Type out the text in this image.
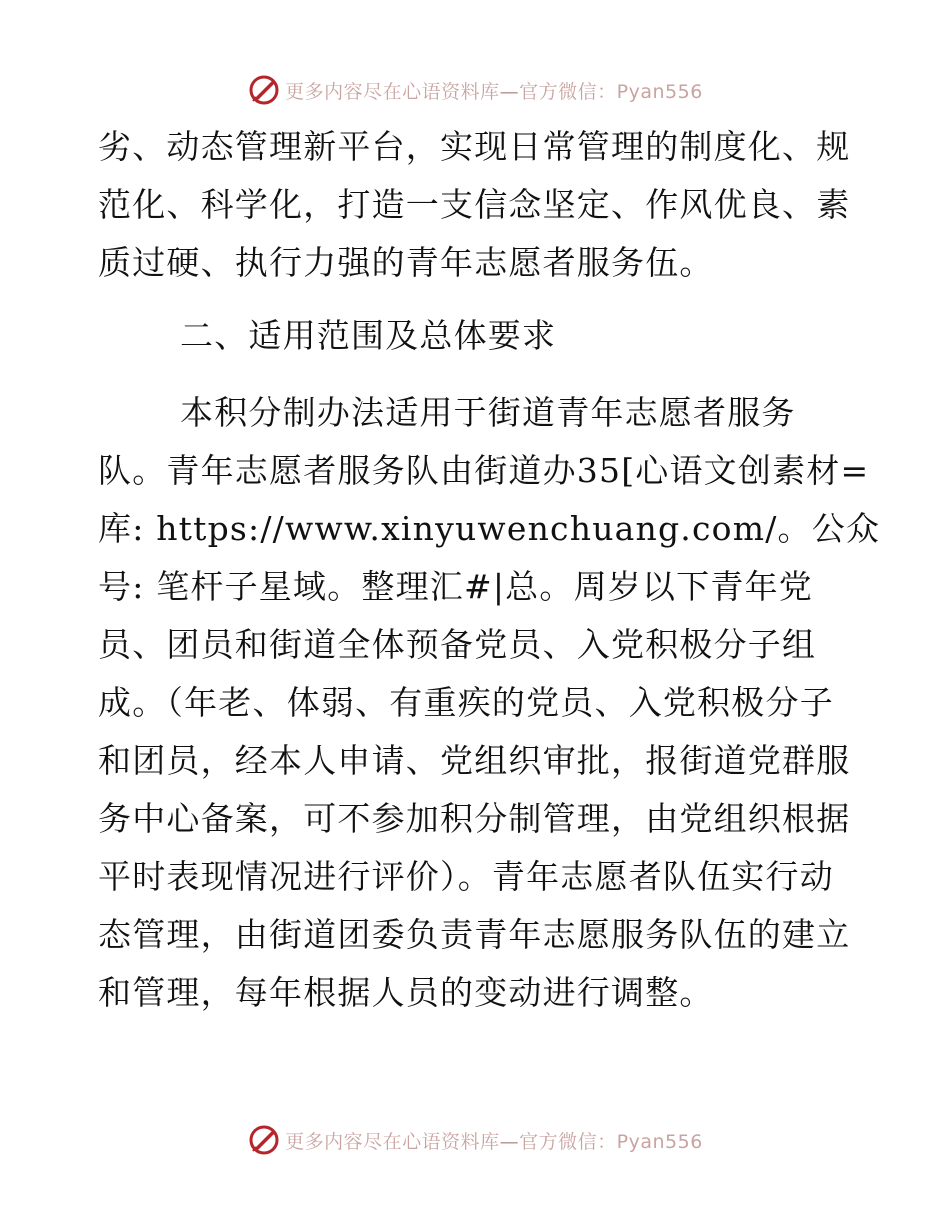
更多内容尽在心语资料库—官方微信：Pyan556
劣、动态管理新平台，实现日常管理的制度化、规
范化、科学化，打造一支信念坚定、作风优良、素
质过硬、执行力强的青年志愿者服务伍。
二、适用范围及总体要求
本积分制办法适用于街道青年志愿者服务
队。青年志愿者服务队由街道办35[心语文创素材=
库: https://www.xinyuwenchuang.com/。公众
号: 笔杆子星域。整理汇#|总。周岁以下青年党
员、团员和街道全体预备党员、入党积极分子组
成。（年老、体弱、有重疾的党员、入党积极分子
和团员，经本人申请、党组织审批，报街道党群服
务中心备案，可不参加积分制管理，由党组织根据
平时表现情况进行评价）。青年志愿者队伍实行动
态管理，由街道团委负责青年志愿服务队伍的建立
和管理，每年根据人员的变动进行调整。
更多内容尽在心语资料库—官方微信：Pyan556
